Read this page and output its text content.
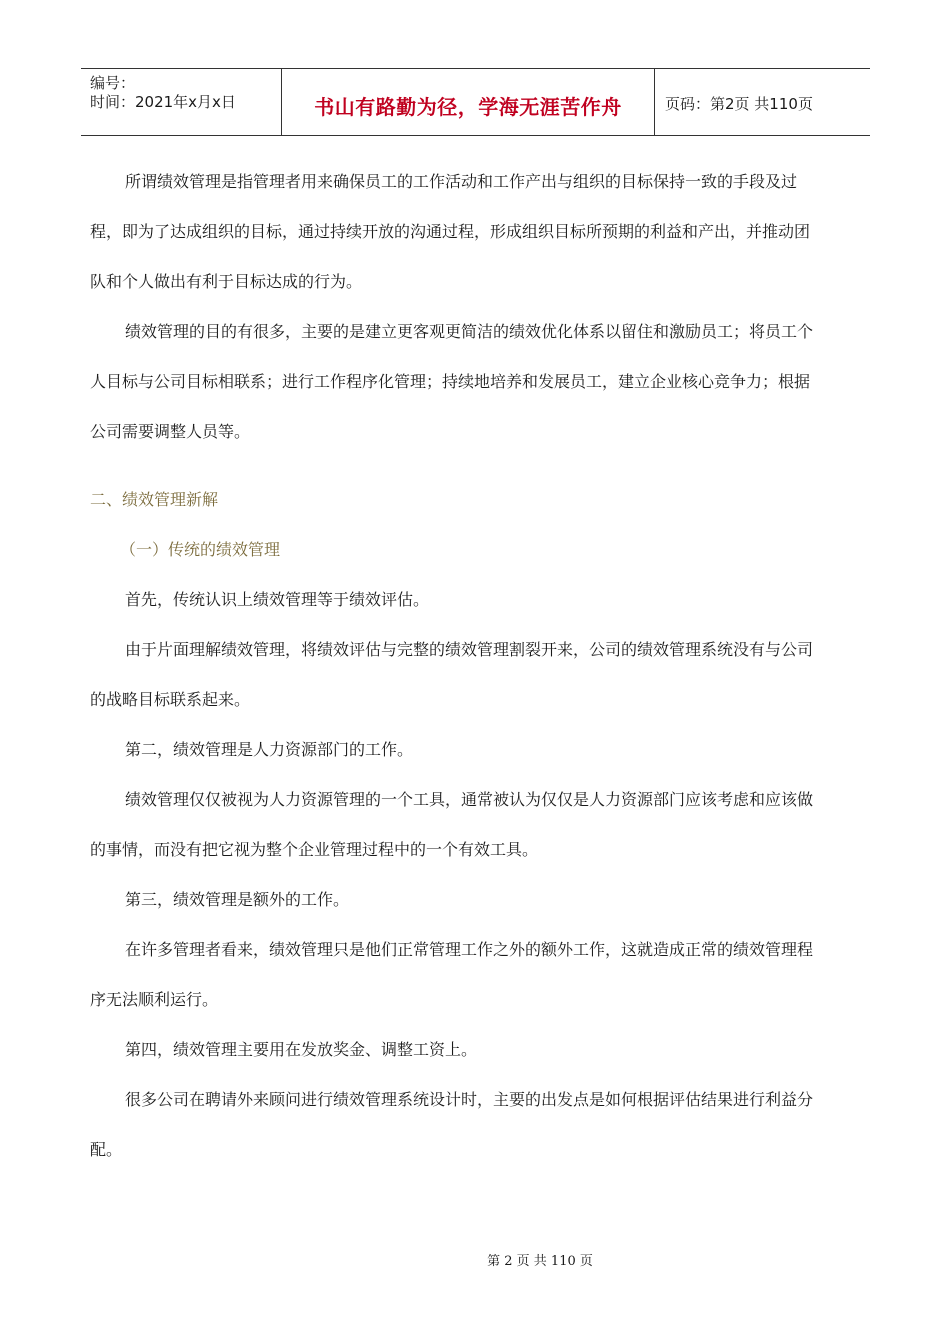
编号：
时间：2021年x月x日	书山有路勤为径，学海无涯苦作舟	页码：第2页 共110页
所谓绩效管理是指管理者用来确保员工的工作活动和工作产出与组织的目标保持一致的手段及过
程，即为了达成组织的目标，通过持续开放的沟通过程，形成组织目标所预期的利益和产出，并推动团
队和个人做出有利于目标达成的行为。
绩效管理的目的有很多，主要的是建立更客观更简洁的绩效优化体系以留住和激励员工；将员工个
人目标与公司目标相联系；进行工作程序化管理；持续地培养和发展员工，建立企业核心竞争力；根据
公司需要调整人员等。
二、绩效管理新解
（一）传统的绩效管理
首先，传统认识上绩效管理等于绩效评估。
由于片面理解绩效管理，将绩效评估与完整的绩效管理割裂开来，公司的绩效管理系统没有与公司
的战略目标联系起来。
第二，绩效管理是人力资源部门的工作。
绩效管理仅仅被视为人力资源管理的一个工具，通常被认为仅仅是人力资源部门应该考虑和应该做
的事情，而没有把它视为整个企业管理过程中的一个有效工具。
第三，绩效管理是额外的工作。
在许多管理者看来，绩效管理只是他们正常管理工作之外的额外工作，这就造成正常的绩效管理程
序无法顺利运行。
第四，绩效管理主要用在发放奖金、调整工资上。
很多公司在聘请外来顾问进行绩效管理系统设计时，主要的出发点是如何根据评估结果进行利益分
配。
第 2 页 共 110 页
